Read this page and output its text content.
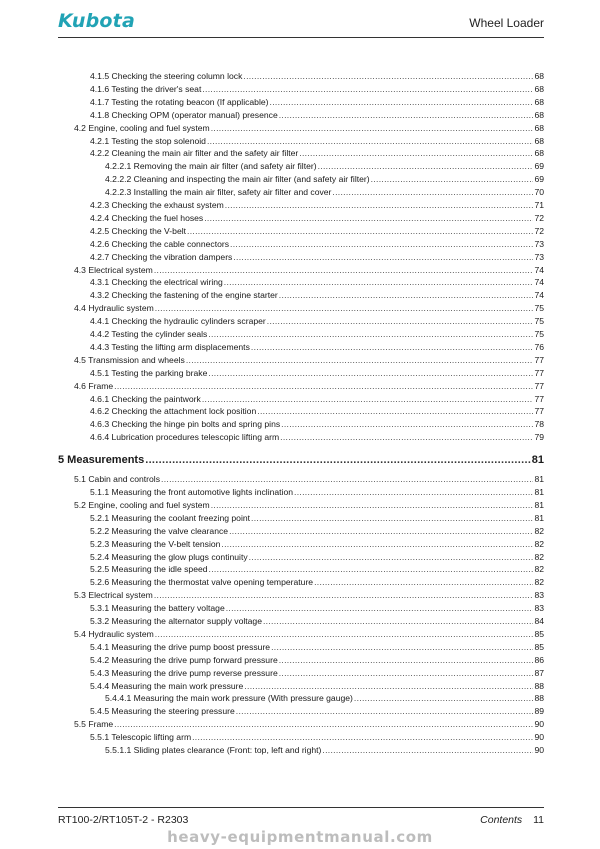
Kubota	Wheel Loader
4.1.5 Checking the steering column lock .....	68
4.1.6 Testing the driver's seat .....	68
4.1.7 Testing the rotating beacon (If applicable) .....	68
4.1.8 Checking OPM (operator manual) presence .....	68
4.2 Engine, cooling and fuel system .....	68
4.2.1 Testing the stop solenoid .....	68
4.2.2 Cleaning the main air filter and the safety air filter .....	68
4.2.2.1 Removing the main air filter (and safety air filter) .....	69
4.2.2.2 Cleaning and inspecting the main air filter (and safety air filter) .....	69
4.2.2.3 Installing the main air filter, safety air filter and cover .....	70
4.2.3 Checking the exhaust system .....	71
4.2.4 Checking the fuel hoses .....	72
4.2.5 Checking the V-belt .....	72
4.2.6 Checking the cable connectors .....	73
4.2.7 Checking the vibration dampers .....	73
4.3 Electrical system .....	74
4.3.1 Checking the electrical wiring .....	74
4.3.2 Checking the fastening of the engine starter .....	74
4.4 Hydraulic system .....	75
4.4.1 Checking the hydraulic cylinders scraper .....	75
4.4.2 Testing the cylinder seals .....	75
4.4.3 Testing the lifting arm displacements .....	76
4.5 Transmission and wheels .....	77
4.5.1 Testing the parking brake .....	77
4.6 Frame .....	77
4.6.1 Checking the paintwork .....	77
4.6.2 Checking the attachment lock position .....	77
4.6.3 Checking the hinge pin bolts and spring pins .....	78
4.6.4 Lubrication procedures telescopic lifting arm .....	79
5 Measurements .....	81
5.1 Cabin and controls .....	81
5.1.1 Measuring the front automotive lights inclination .....	81
5.2 Engine, cooling and fuel system .....	81
5.2.1 Measuring the coolant freezing point .....	81
5.2.2 Measuring the valve clearance .....	82
5.2.3 Measuring the V-belt tension .....	82
5.2.4 Measuring the glow plugs continuity .....	82
5.2.5 Measuring the idle speed .....	82
5.2.6 Measuring the thermostat valve opening temperature .....	82
5.3 Electrical system .....	83
5.3.1 Measuring the battery voltage .....	83
5.3.2 Measuring the alternator supply voltage .....	84
5.4 Hydraulic system .....	85
5.4.1 Measuring the drive pump boost pressure .....	85
5.4.2 Measuring the drive pump forward pressure .....	86
5.4.3 Measuring the drive pump reverse pressure .....	87
5.4.4 Measuring the main work pressure .....	88
5.4.4.1 Measuring the main work pressure (With pressure gauge) .....	88
5.4.5 Measuring the steering pressure .....	89
5.5 Frame .....	90
5.5.1 Telescopic lifting arm .....	90
5.5.1.1 Sliding plates clearance (Front: top, left and right) .....	90
RT100-2/RT105T-2 - R2303	Contents 11
heavy-equipmentmanual.com
